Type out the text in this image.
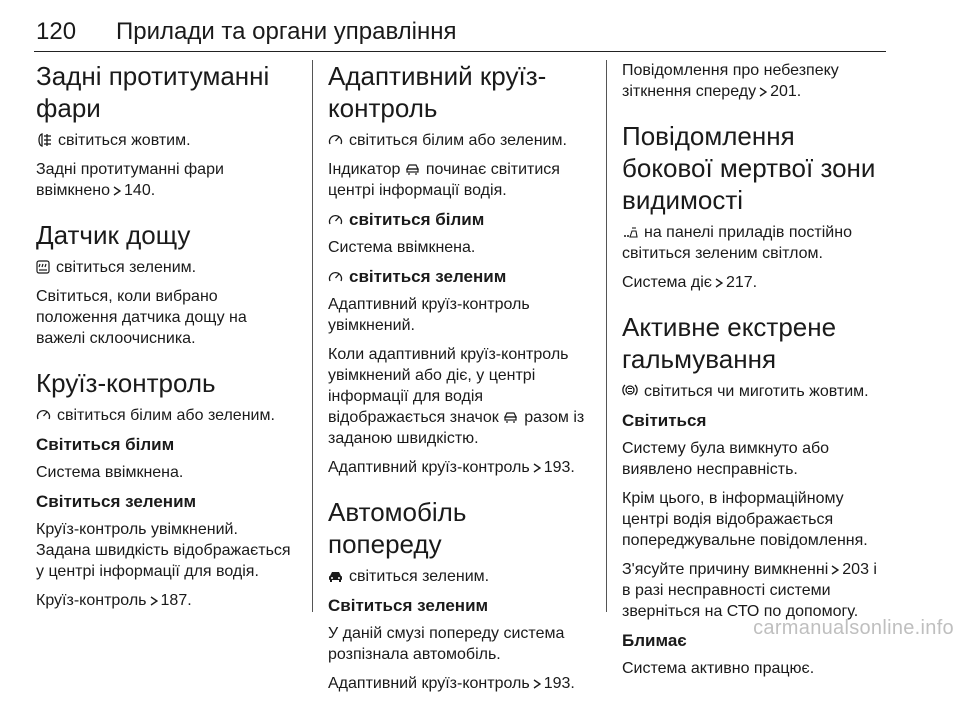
120 Прилади та органи управління
Задні протитуманні фари

світиться жовтим.

Задні протитуманні фари ввімкнено 140.

Датчик дощу

світиться зеленим.

Світиться, коли вибрано положення датчика дощу на важелі склоочисника.

Круїз-контроль

світиться білим або зеленим.

Світиться білим

Система ввімкнена.

Світиться зеленим

Круїз-контроль увімкнений. Задана швидкість відображається у центрі інформації для водія.

Круїз-контроль 187.

Адаптивний круїз-контроль

світиться білим або зеленим.

Індикатор починає світитися центрі інформації водія.

світиться білим

Система ввімкнена.

світиться зеленим

Адаптивний круїз-контроль увімкнений.

Коли адаптивний круїз-контроль увімкнений або діє, у центрі інформації для водія відображається значок разом із заданою швидкістю.

Адаптивний круїз-контроль 193.

Автомобіль попереду

світиться зеленим.

Світиться зеленим

У даній смузі попереду система розпізнала автомобіль.

Адаптивний круїз-контроль 193.

Повідомлення про небезпеку зіткнення спереду 201.

Повідомлення бокової мертвої зони видимості

на панелі приладів постійно світиться зеленим світлом.

Система діє 217.

Активне екстрене гальмування

світиться чи миготить жовтим.

Світиться

Систему була вимкнуто або виявлено несправність.

Крім цього, в інформаційному центрі водія відображається попереджувальне повідомлення.

З'ясуйте причину вимкненні 203 і в разі несправності системи зверніться на СТО по допомогу.

Блимає

Система активно працює.

carmanualsonline.info
